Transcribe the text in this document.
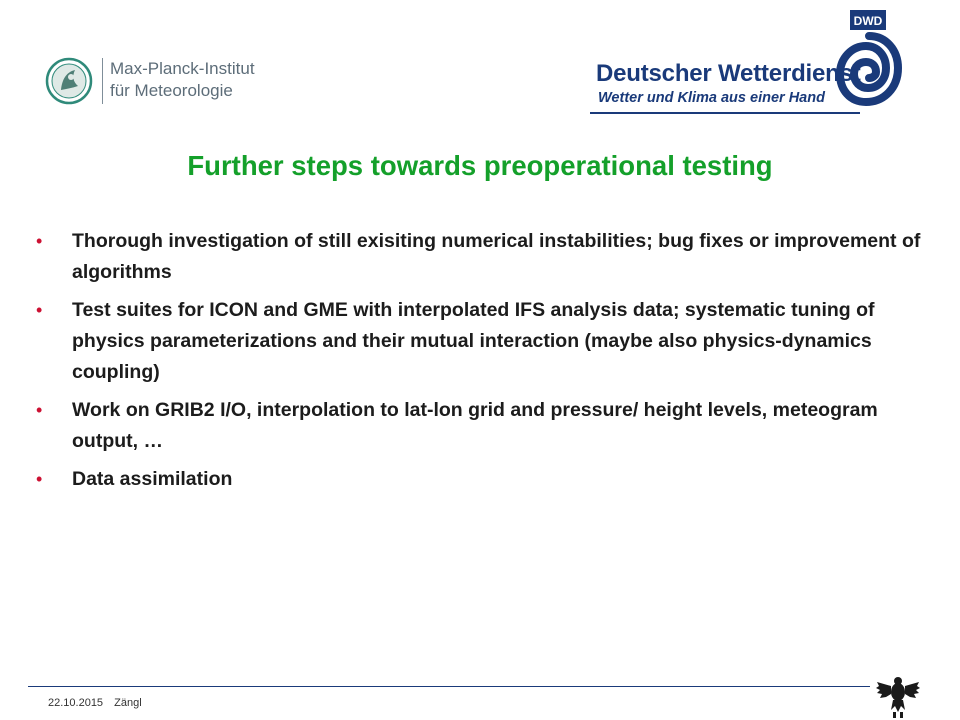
Max-Planck-Institut
für Meteorologie
Deutscher Wetterdienst
Wetter und Klima aus einer Hand
DWD
Further steps towards preoperational testing
• Thorough investigation of still exisiting numerical instabilities; bug fixes or improvement of algorithms
• Test suites for ICON and GME with interpolated IFS analysis data; systematic tuning of physics parameterizations and their mutual interaction (maybe also physics-dynamics coupling)
• Work on GRIB2 I/O, interpolation to lat-lon grid and pressure/ height levels, meteogram output, …
• Data assimilation
22.10.2015 Zängl
